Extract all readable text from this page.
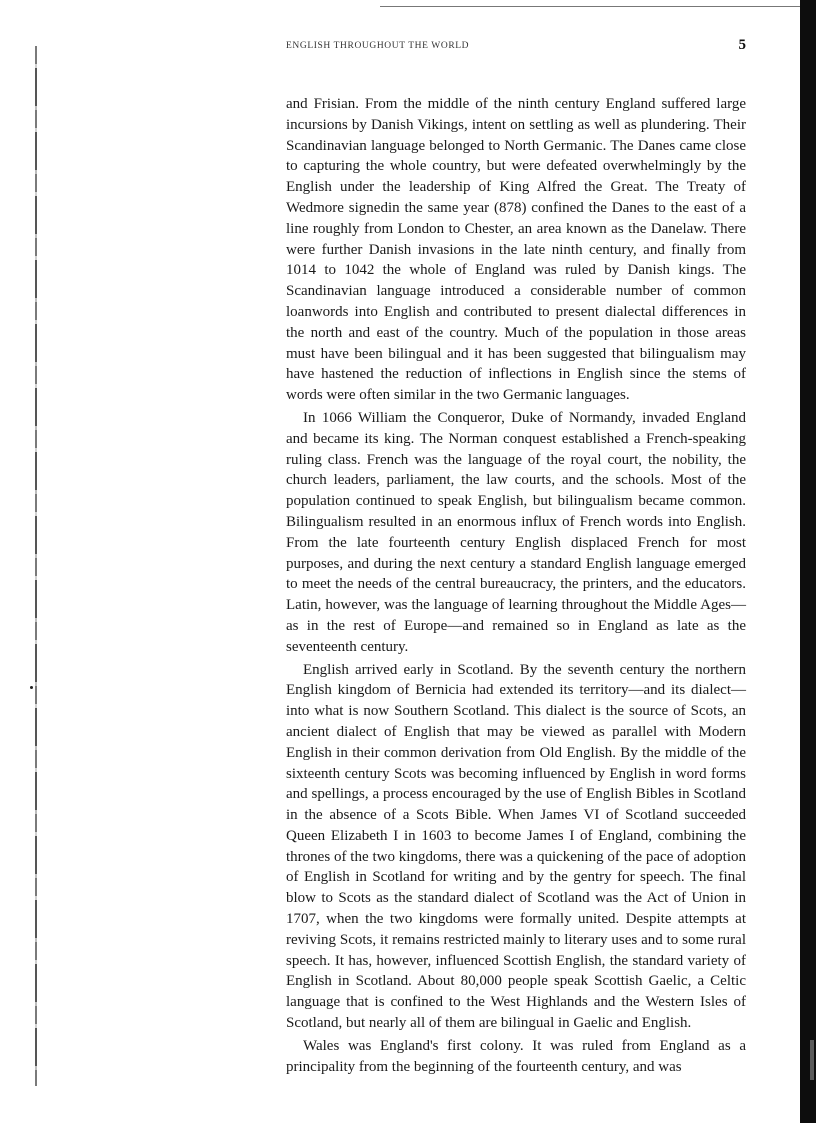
ENGLISH THROUGHOUT THE WORLD	5

and Frisian. From the middle of the ninth century England suffered large incursions by Danish Vikings, intent on settling as well as plundering. Their Scandinavian language belonged to North Germanic. The Danes came close to capturing the whole country, but were defeated overwhelmingly by the English under the leadership of King Alfred the Great. The Treaty of Wedmore signedin the same year (878) confined the Danes to the east of a line roughly from London to Chester, an area known as the Danelaw. There were further Danish invasions in the late ninth century, and finally from 1014 to 1042 the whole of England was ruled by Danish kings. The Scandinavian language introduced a considerable number of common loanwords into English and contributed to present dialectal differences in the north and east of the country. Much of the population in those areas must have been bilingual and it has been suggested that bilingualism may have hastened the reduction of inflections in English since the stems of words were often similar in the two Germanic languages.

In 1066 William the Conqueror, Duke of Normandy, invaded England and became its king. The Norman conquest established a French-speaking ruling class. French was the language of the royal court, the nobility, the church leaders, parliament, the law courts, and the schools. Most of the population continued to speak English, but bilingualism became common. Bilingualism resulted in an enormous influx of French words into English. From the late fourteenth century English displaced French for most purposes, and during the next century a standard English language emerged to meet the needs of the central bureaucracy, the printers, and the educators. Latin, however, was the language of learning throughout the Middle Ages—as in the rest of Europe—and remained so in England as late as the seventeenth century.

English arrived early in Scotland. By the seventh century the northern English kingdom of Bernicia had extended its territory—and its dialect—into what is now Southern Scotland. This dialect is the source of Scots, an ancient dialect of English that may be viewed as parallel with Modern English in their common derivation from Old English. By the middle of the sixteenth century Scots was becoming influenced by English in word forms and spellings, a process encouraged by the use of English Bibles in Scotland in the absence of a Scots Bible. When James VI of Scotland succeeded Queen Elizabeth I in 1603 to become James I of England, combining the thrones of the two kingdoms, there was a quickening of the pace of adoption of English in Scotland for writing and by the gentry for speech. The final blow to Scots as the standard dialect of Scotland was the Act of Union in 1707, when the two kingdoms were formally united. Despite attempts at reviving Scots, it remains restricted mainly to literary uses and to some rural speech. It has, however, influenced Scottish English, the standard variety of English in Scotland. About 80,000 people speak Scottish Gaelic, a Celtic language that is confined to the West Highlands and the Western Isles of Scotland, but nearly all of them are bilingual in Gaelic and English.

Wales was England's first colony. It was ruled from England as a principality from the beginning of the fourteenth century, and was
